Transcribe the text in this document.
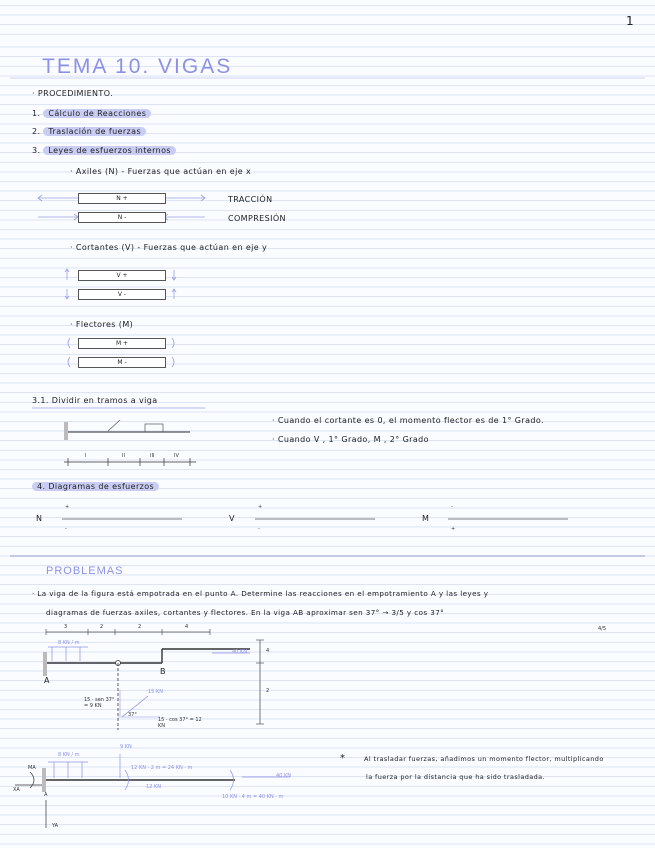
1
TEMA 10. VIGAS
· PROCEDIMIENTO.
1. Cálculo de Reacciones
2. Traslación de fuerzas
3. Leyes de esfuerzos internos
· Axiles (N) - Fuerzas que actúan en eje x
N +
N -
TRACCIÓN
COMPRESIÓN
· Cortantes (V) - Fuerzas que actúan en eje y
V +
V -
· Flectores (M)
M +
M -
3.1. Dividir en tramos a viga
· Cuando el cortante es 0, el momento flector es de 1° Grado.
· Cuando V , 1° Grado, M , 2° Grado
I	II	III	IV
4. Diagramas de esfuerzos
N	V	M
+
-
+
-
-
+
PROBLEMAS
· La viga de la figura está empotrada en el punto A. Determine las reacciones en el empotramiento A y las leyes y
diagramas de fuerzas axiles, cortantes y flectores. En la viga AB aproximar sen 37° → 3/5 y cos 37°
4/5
3	2	2	4
4
2
8 KN / m
40 KN
A
B
15 KN
37°
15 · sen 37° = 9 KN
15 · cos 37° = 12 KN
8 KN / m
9 KN
12 KN · 2 m = 24 KN · m
40 KN
12 KN
10 KN · 4 m = 40 KN · m
MA
XA
YA
A
*	Al trasladar fuerzas, añadimos un momento flector, multiplicando
la fuerza por la distancia que ha sido trasladada.
